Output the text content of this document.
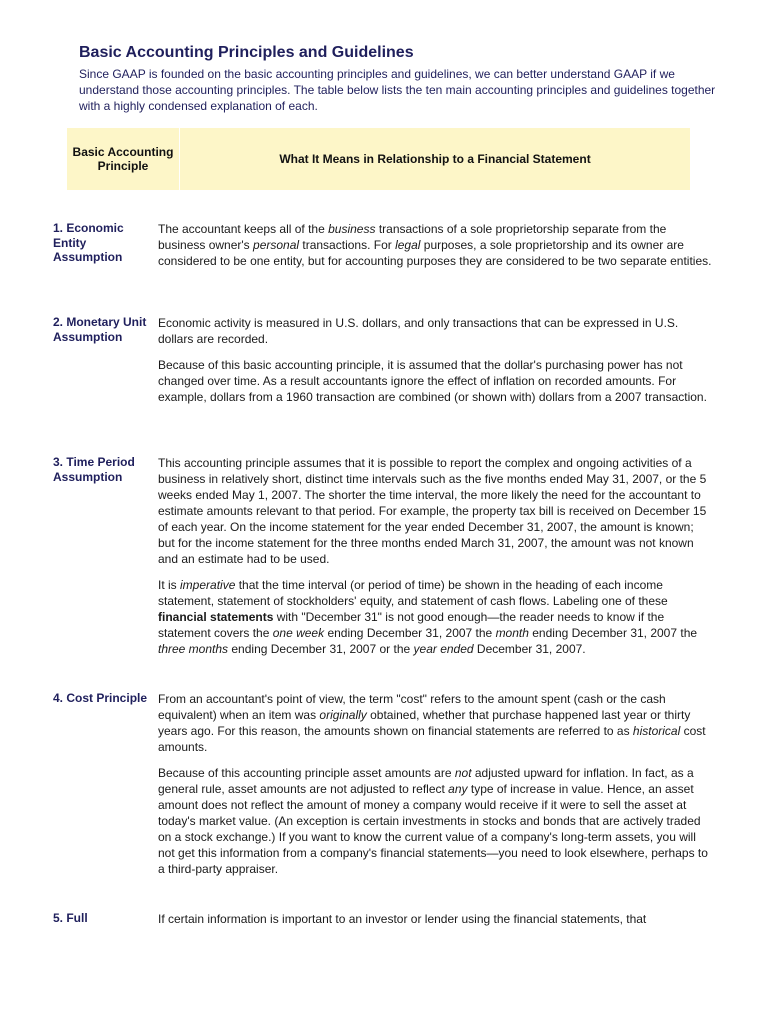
Basic Accounting Principles and Guidelines

Since GAAP is founded on the basic accounting principles and guidelines, we can better understand GAAP if we understand those accounting principles. The table below lists the ten main accounting principles and guidelines together with a highly condensed explanation of each.

Basic Accounting Principle	What It Means in Relationship to a Financial Statement
1. Economic Entity Assumption

The accountant keeps all of the business transactions of a sole proprietorship separate from the business owner's personal transactions. For legal purposes, a sole proprietorship and its owner are considered to be one entity, but for accounting purposes they are considered to be two separate entities.

2. Monetary Unit Assumption

Economic activity is measured in U.S. dollars, and only transactions that can be expressed in U.S. dollars are recorded.

Because of this basic accounting principle, it is assumed that the dollar's purchasing power has not changed over time. As a result accountants ignore the effect of inflation on recorded amounts. For example, dollars from a 1960 transaction are combined (or shown with) dollars from a 2007 transaction.

3. Time Period Assumption

This accounting principle assumes that it is possible to report the complex and ongoing activities of a business in relatively short, distinct time intervals such as the five months ended May 31, 2007, or the 5 weeks ended May 1, 2007. The shorter the time interval, the more likely the need for the accountant to estimate amounts relevant to that period. For example, the property tax bill is received on December 15 of each year. On the income statement for the year ended December 31, 2007, the amount is known; but for the income statement for the three months ended March 31, 2007, the amount was not known and an estimate had to be used.

It is imperative that the time interval (or period of time) be shown in the heading of each income statement, statement of stockholders' equity, and statement of cash flows. Labeling one of these financial statements with "December 31" is not good enough—the reader needs to know if the statement covers the one week ending December 31, 2007 the month ending December 31, 2007 the three months ending December 31, 2007 or the year ended December 31, 2007.

4. Cost Principle From an accountant's point of view, the term "cost" refers to the amount spent (cash or the cash equivalent) when an item was originally obtained, whether that purchase happened last year or thirty years ago. For this reason, the amounts shown on financial statements are referred to as historical cost amounts.

Because of this accounting principle asset amounts are not adjusted upward for inflation. In fact, as a general rule, asset amounts are not adjusted to reflect any type of increase in value. Hence, an asset amount does not reflect the amount of money a company would receive if it were to sell the asset at today's market value. (An exception is certain investments in stocks and bonds that are actively traded on a stock exchange.) If you want to know the current value of a company's long-term assets, you will not get this information from a company's financial statements—you need to look elsewhere, perhaps to a third-party appraiser.

5. Full	If certain information is important to an investor or lender using the financial statements, that
